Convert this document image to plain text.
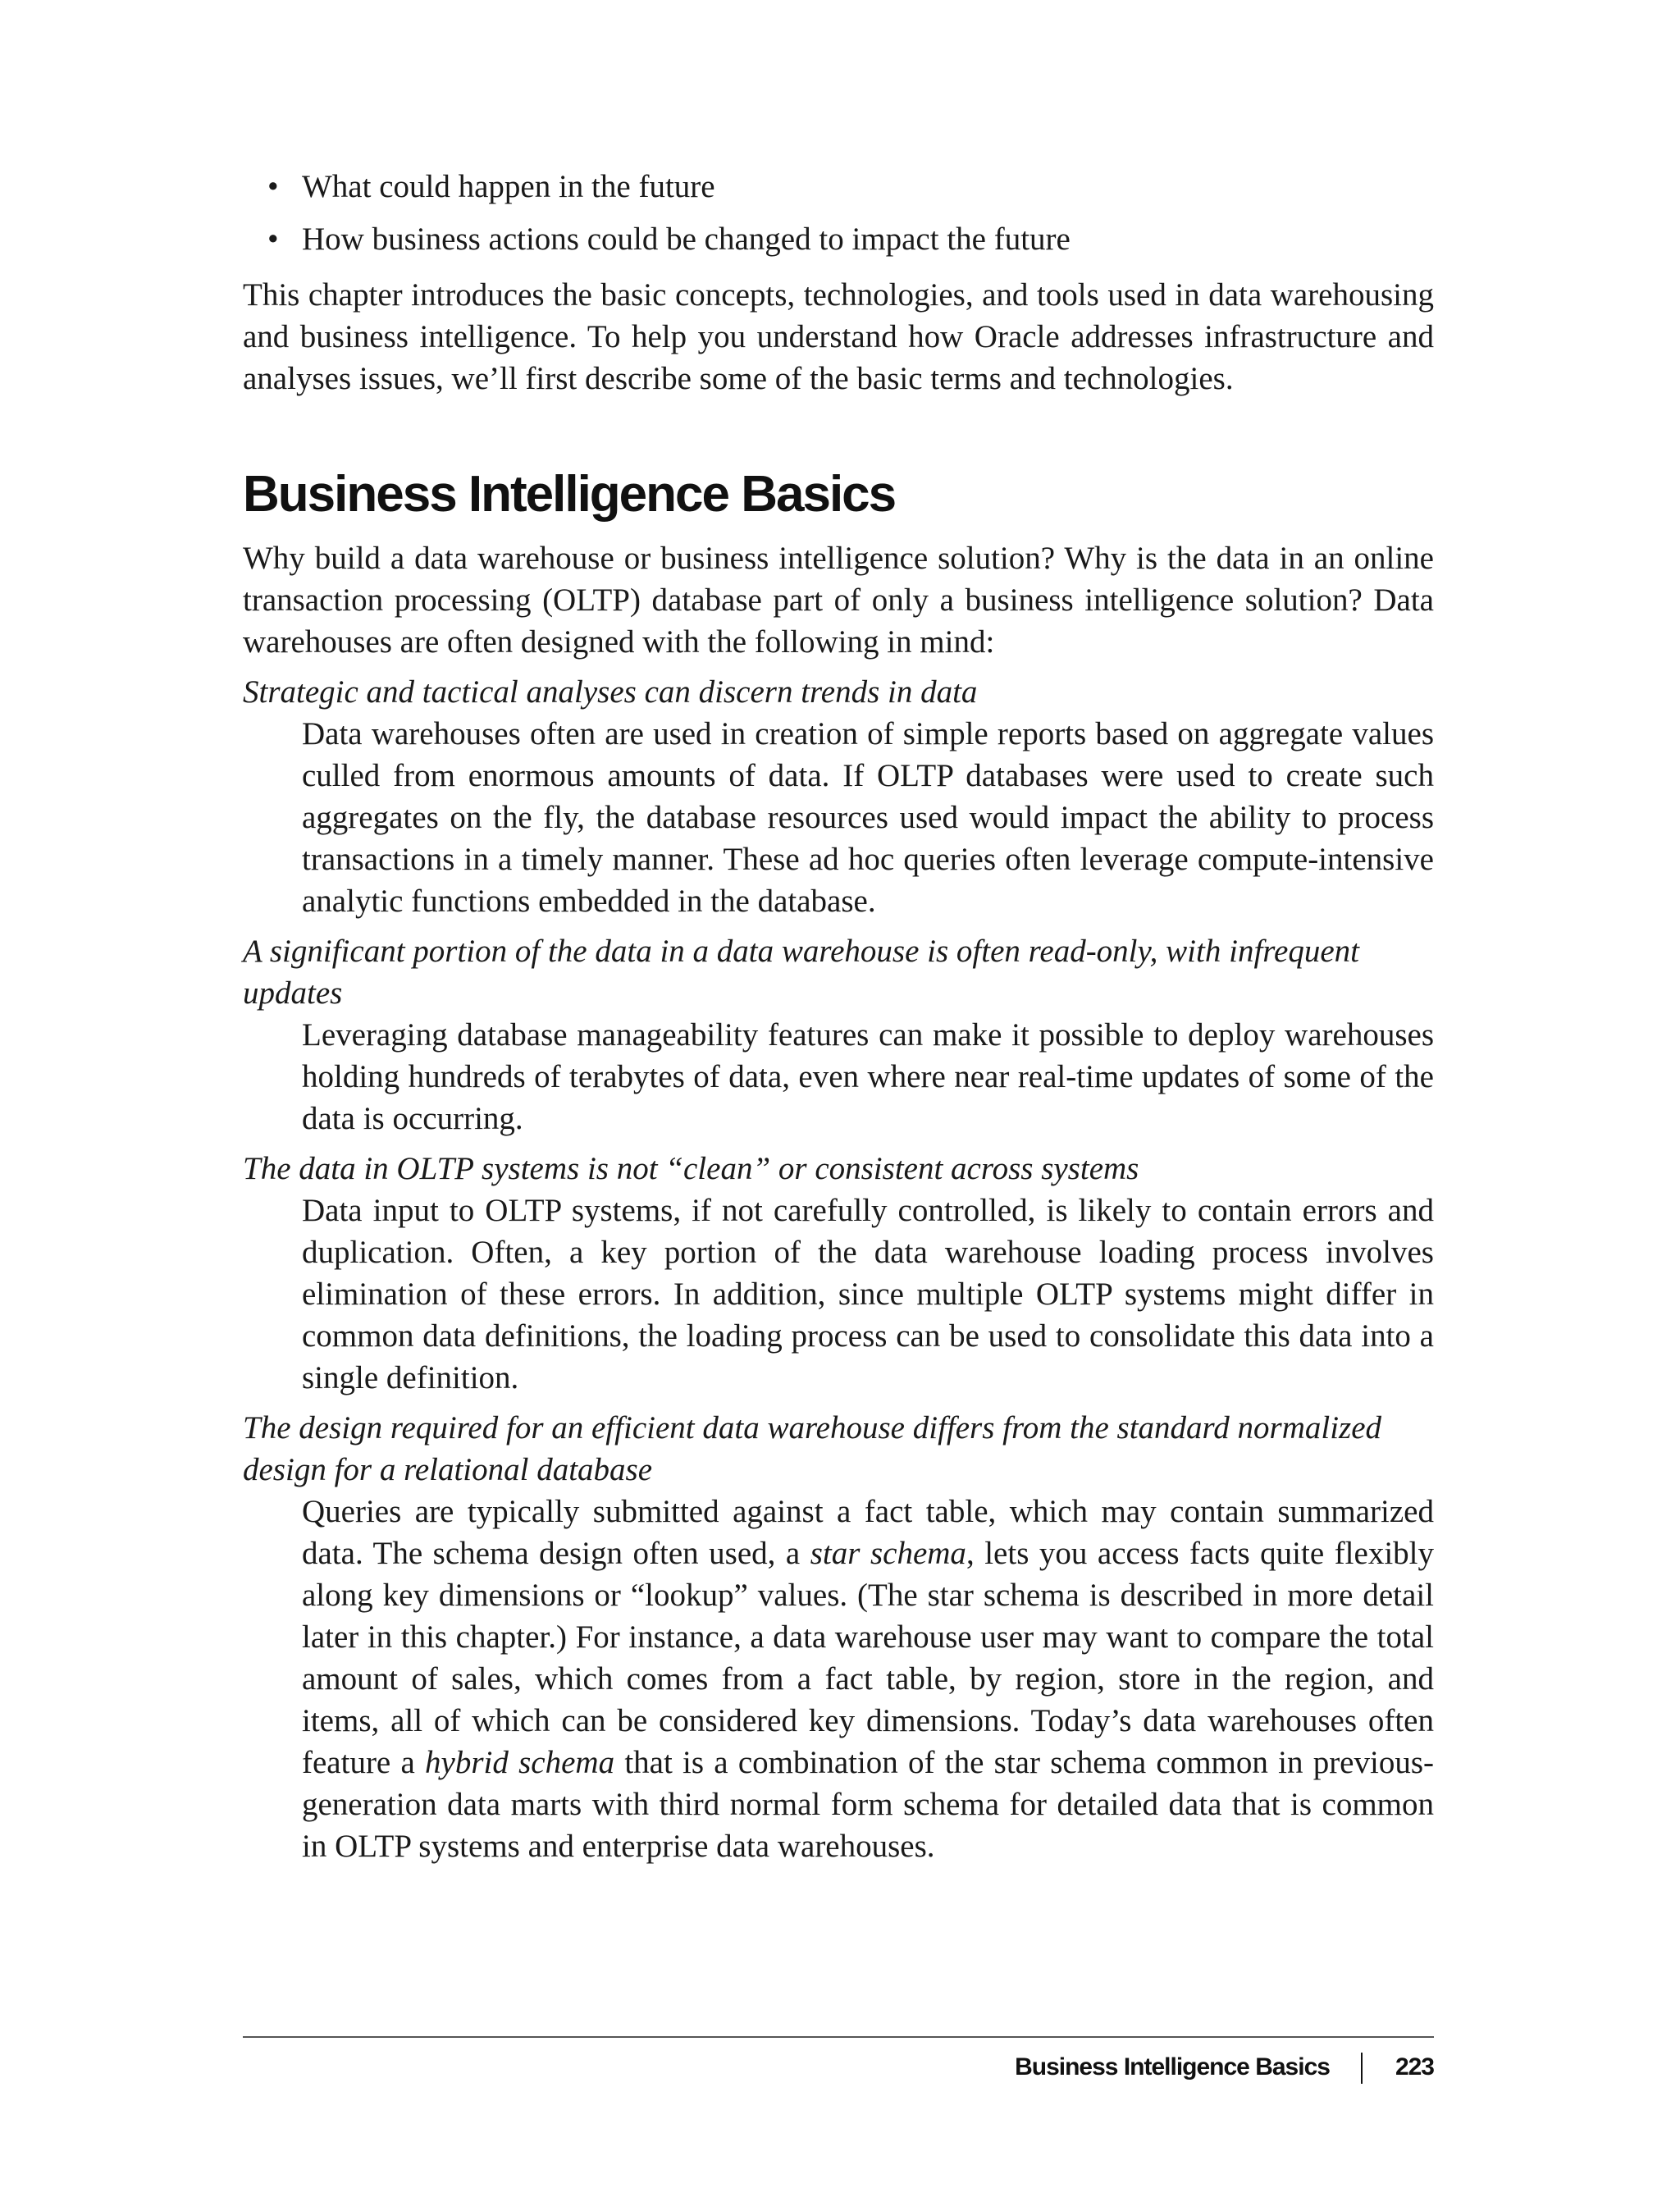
• What could happen in the future
• How business actions could be changed to impact the future

This chapter introduces the basic concepts, technologies, and tools used in data warehousing and business intelligence. To help you understand how Oracle addresses infrastructure and analyses issues, we’ll first describe some of the basic terms and technologies.

Business Intelligence Basics

Why build a data warehouse or business intelligence solution? Why is the data in an online transaction processing (OLTP) database part of only a business intelligence solution? Data warehouses are often designed with the following in mind:

Strategic and tactical analyses can discern trends in data
Data warehouses often are used in creation of simple reports based on aggregate values culled from enormous amounts of data. If OLTP databases were used to create such aggregates on the fly, the database resources used would impact the ability to process transactions in a timely manner. These ad hoc queries often leverage compute-intensive analytic functions embedded in the database.
A significant portion of the data in a data warehouse is often read-only, with infrequent updates
Leveraging database manageability features can make it possible to deploy warehouses holding hundreds of terabytes of data, even where near real-time updates of some of the data is occurring.
The data in OLTP systems is not “clean” or consistent across systems
Data input to OLTP systems, if not carefully controlled, is likely to contain errors and duplication. Often, a key portion of the data warehouse loading process involves elimination of these errors. In addition, since multiple OLTP systems might differ in common data definitions, the loading process can be used to consolidate this data into a single definition.
The design required for an efficient data warehouse differs from the standard normalized design for a relational database
Queries are typically submitted against a fact table, which may contain summarized data. The schema design often used, a star schema, lets you access facts quite flexibly along key dimensions or “lookup” values. (The star schema is described in more detail later in this chapter.) For instance, a data warehouse user may want to compare the total amount of sales, which comes from a fact table, by region, store in the region, and items, all of which can be considered key dimensions. Today’s data warehouses often feature a hybrid schema that is a combination of the star schema common in previous-generation data marts with third normal form schema for detailed data that is common in OLTP systems and enterprise data warehouses.
Business Intelligence Basics	223
